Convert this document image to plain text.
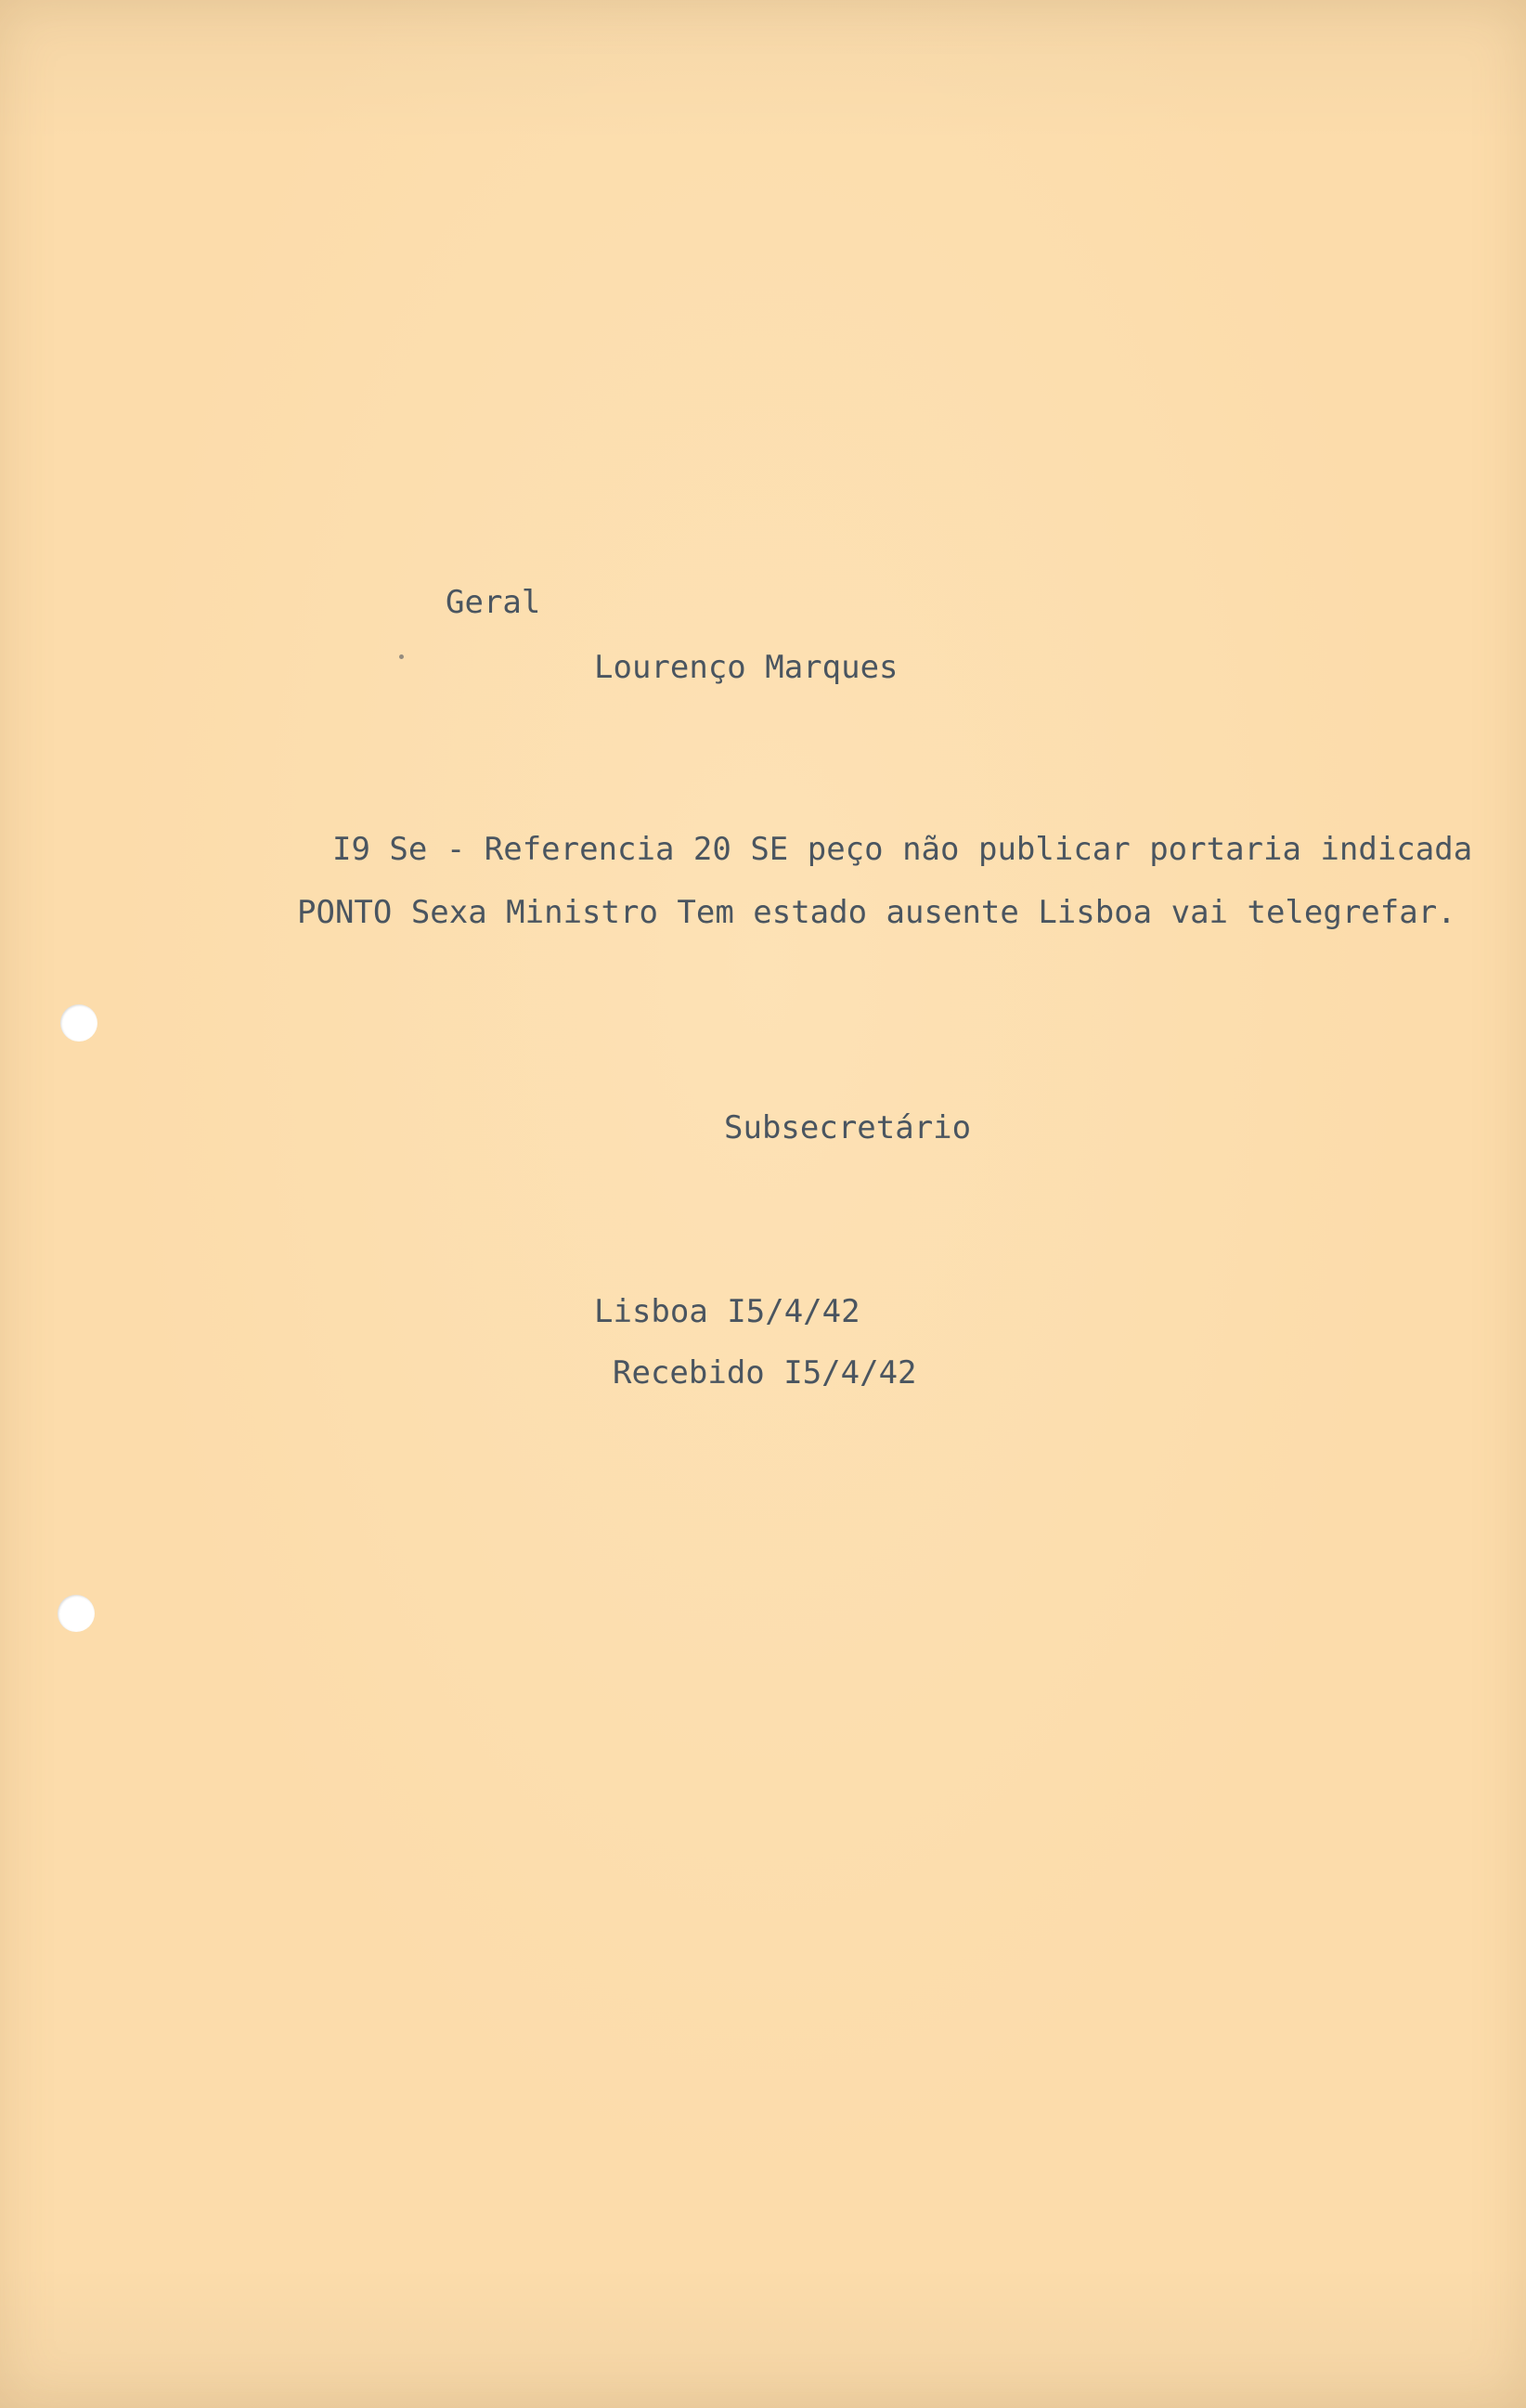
Geral

Lourenço Marques

I9 Se - Referencia 20 SE peço não publicar portaria indicada

PONTO Sexa Ministro Tem estado ausente Lisboa vai telegrefar.

Subsecretário

Lisboa I5/4/42

Recebido I5/4/42
